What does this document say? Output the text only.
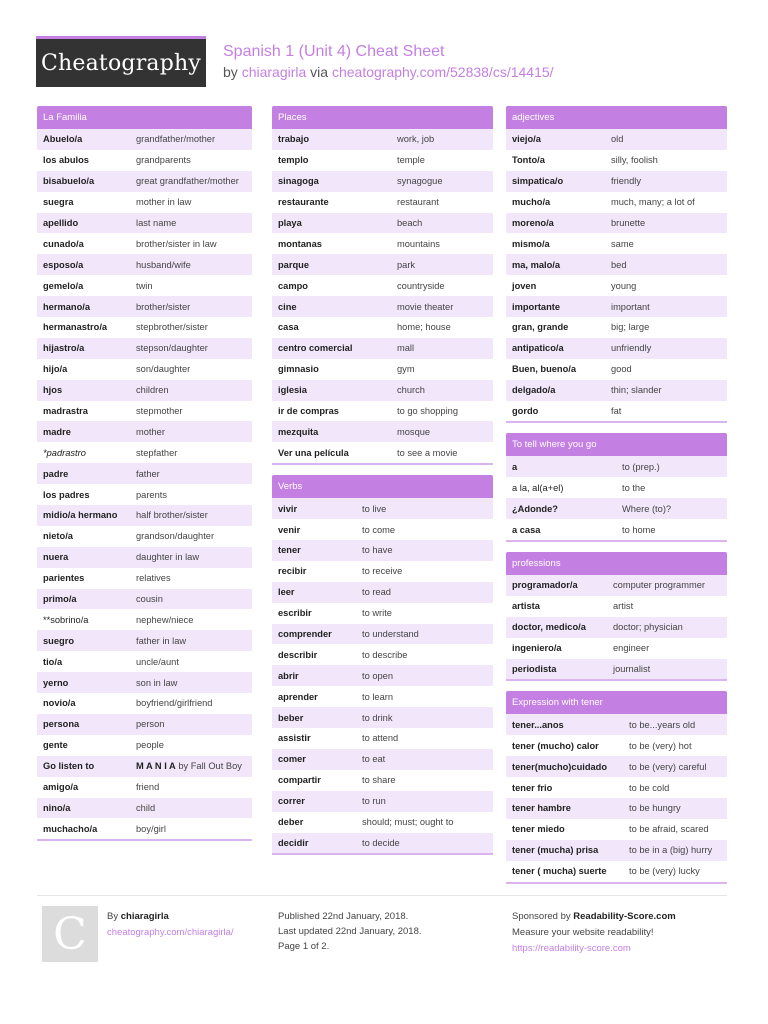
Cheatography	Spanish 1 (Unit 4) Cheat Sheet
by chiaragirla via cheatography.com/52838/cs/14415/
La Familia
Abuelo/a	grandfather/mother
los abulos	grandparents
bisabuelo/a	great grandfather/mother
suegra	mother in law
apellido	last name
cunado/a	brother/sister in law
esposo/a	husband/wife
gemelo/a	twin
hermano/a	brother/sister
hermanastro/a	stepbrother/sister
hijastro/a	stepson/daughter
hijo/a	son/daughter
hjos	children
madrastra	stepmother
madre	mother
*padrastro	stepfather
padre	father
los padres	parents
midio/a hermano	half brother/sister
nieto/a	grandson/daughter
nuera	daughter in law
parientes	relatives
primo/a	cousin
**sobrino/a	nephew/niece
suegro	father in law
tio/a	uncle/aunt
yerno	son in law
novio/a	boyfriend/girlfriend
persona	person
gente	people
Go listen to	M A N I A by Fall Out Boy
amigo/a	friend
nino/a	child
muchacho/a	boy/girl
Places
trabajo	work, job
templo	temple
sinagoga	synagogue
restaurante	restaurant
playa	beach
montanas	mountains
parque	park
campo	countryside
cine	movie theater
casa	home; house
centro comercial	mall
gimnasio	gym
iglesia	church
ir de compras	to go shopping
mezquita	mosque
Ver una película	to see a movie
Verbs
vivir	to live
venir	to come
tener	to have
recibir	to receive
leer	to read
escribir	to write
comprender	to understand
describir	to describe
abrir	to open
aprender	to learn
beber	to drink
assistir	to attend
comer	to eat
compartir	to share
correr	to run
deber	should; must; ought to
decidir	to decide
adjectives
viejo/a	old
Tonto/a	silly, foolish
simpatica/o	friendly
mucho/a	much, many; a lot of
moreno/a	brunette
mismo/a	same
ma, malo/a	bed
joven	young
importante	important
gran, grande	big; large
antipatico/a	unfriendly
Buen, bueno/a	good
delgado/a	thin; slander
gordo	fat
To tell where you go
a	to (prep.)
a la, al(a+el)	to the
¿Adonde?	Where (to)?
a casa	to home
professions
programador/a	computer programmer
artista	artist
doctor, medico/a	doctor; physician
ingeniero/a	engineer
periodista	journalist
Expression with tener
tener...anos	to be...years old
tener (mucho) calor	to be (very) hot
tener(mucho)cuidado	to be (very) careful
tener frio	to be cold
tener hambre	to be hungry
tener miedo	to be afraid, scared
tener (mucha) prisa	to be in a (big) hurry
tener ( mucha) suerte	to be (very) lucky
C	By chiaragirla
cheatography.com/chiaragirla/
Published 22nd January, 2018.
Last updated 22nd January, 2018.
Page 1 of 2.
Sponsored by Readability-Score.com
Measure your website readability!
https://readability-score.com
